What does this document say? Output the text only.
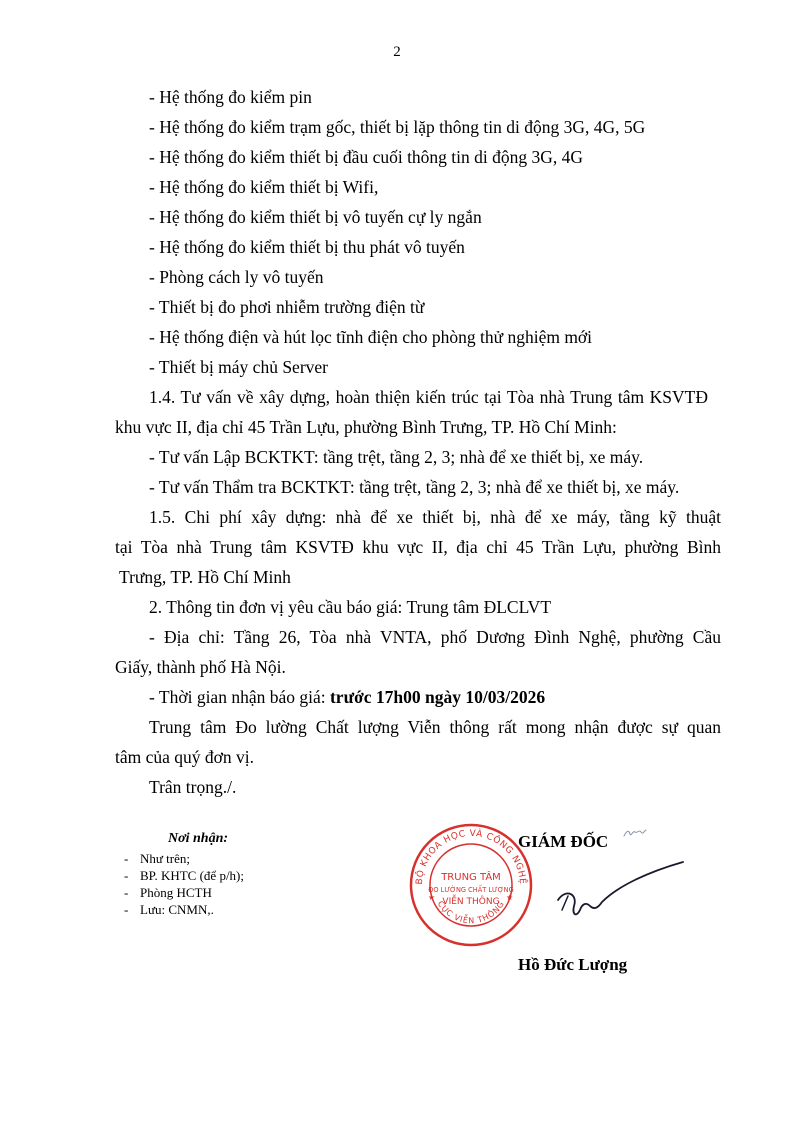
2
- Hệ thống đo kiểm pin
- Hệ thống đo kiểm trạm gốc, thiết bị lặp thông tin di động 3G, 4G, 5G
- Hệ thống đo kiểm thiết bị đầu cuối thông tin di động 3G, 4G
- Hệ thống đo kiểm thiết bị Wifi,
- Hệ thống đo kiểm thiết bị vô tuyến cự ly ngắn
- Hệ thống đo kiểm thiết bị thu phát vô tuyến
- Phòng cách ly vô tuyến
- Thiết bị đo phơi nhiễm trường điện từ
- Hệ thống điện và hút lọc tĩnh điện cho phòng thử nghiệm mới
- Thiết bị máy chủ Server
1.4. Tư vấn về xây dựng, hoàn thiện kiến trúc tại Tòa nhà Trung tâm KSVTĐ
khu vực II, địa chỉ 45 Trần Lựu, phường Bình Trưng, TP. Hồ Chí Minh:
- Tư vấn Lập BCKTKT: tầng trệt, tầng 2, 3; nhà để xe thiết bị, xe máy.
- Tư vấn Thẩm tra BCKTKT: tầng trệt, tầng 2, 3; nhà để xe thiết bị, xe máy.
1.5. Chi phí xây dựng: nhà để xe thiết bị, nhà để xe máy, tầng kỹ thuật
tại Tòa nhà Trung tâm KSVTĐ khu vực II, địa chỉ 45 Trần Lựu, phường Bình
Trưng, TP. Hồ Chí Minh
2. Thông tin đơn vị yêu cầu báo giá: Trung tâm ĐLCLVT
- Địa chỉ: Tầng 26, Tòa nhà VNTA, phố Dương Đình Nghệ, phường Cầu
Giấy, thành phố Hà Nội.
- Thời gian nhận báo giá: trước 17h00 ngày 10/03/2026
Trung tâm Đo lường Chất lượng Viễn thông rất mong nhận được sự quan
tâm của quý đơn vị.
Trân trọng./.
Nơi nhận:
- Như trên;
- BP. KHTC (để p/h);
- Phòng HCTH
- Lưu: CNMN,.
GIÁM ĐỐC
BỘ KHOA HỌC VÀ CÔNG NGHỆ
TRUNG TÂM
ĐO LƯỜNG CHẤT LƯỢNG
VIỄN THÔNG
★	★
CỤC VIỄN THÔNG
Hồ Đức Lượng
